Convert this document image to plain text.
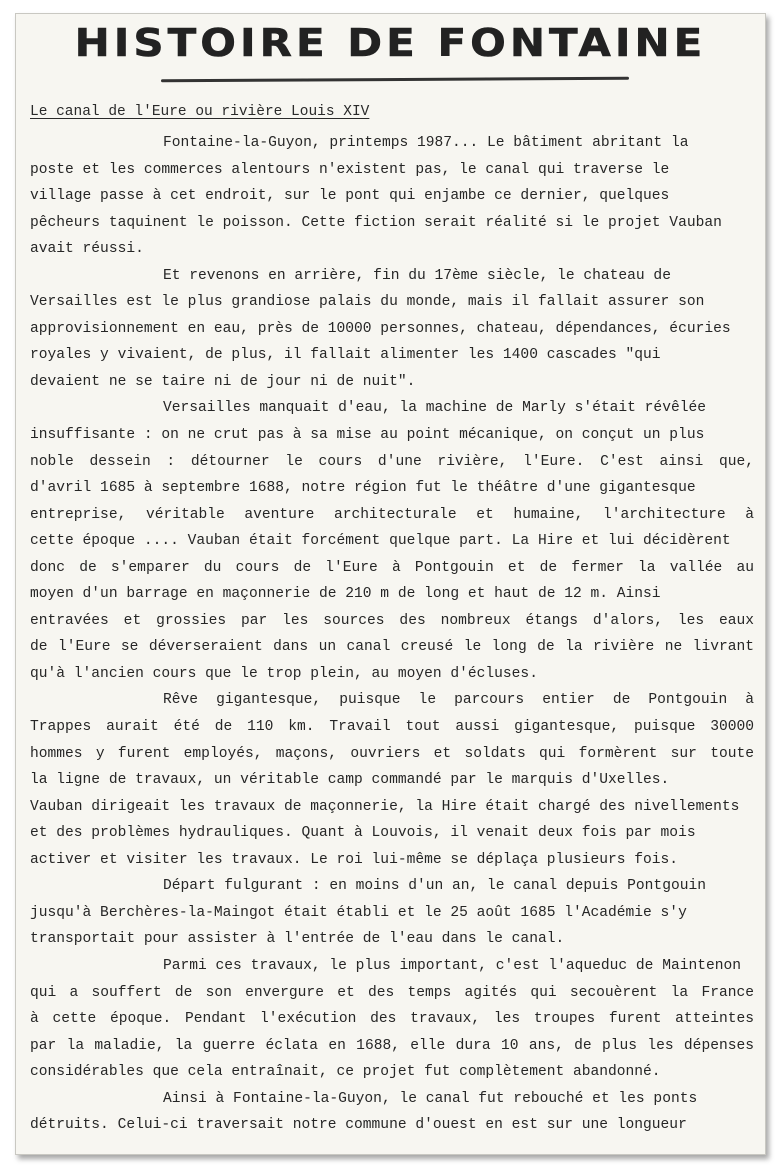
HISTOIRE DE FONTAINE
Le canal de l'Eure ou rivière Louis XIV
Fontaine-la-Guyon, printemps 1987... Le bâtiment abritant la
poste et les commerces alentours n'existent pas, le canal qui traverse le
village passe à cet endroit, sur le pont qui enjambe ce dernier, quelques
pêcheurs taquinent le poisson. Cette fiction serait réalité si le projet Vauban
avait réussi.
Et revenons en arrière, fin du 17ème siècle, le chateau de
Versailles est le plus grandiose palais du monde, mais il fallait assurer son
approvisionnement en eau, près de 10000 personnes, chateau, dépendances, écuries
royales y vivaient, de plus, il fallait alimenter les 1400 cascades "qui
devaient ne se taire ni de jour ni de nuit".
Versailles manquait d'eau, la machine de Marly s'était révêlée
insuffisante : on ne crut pas à sa mise au point mécanique, on conçut un plus
noble dessein : détourner le cours d'une rivière, l'Eure. C'est ainsi que,
d'avril 1685 à septembre 1688, notre région fut le théâtre d'une gigantesque
entreprise, véritable aventure architecturale et humaine, l'architecture à
cette époque .... Vauban était forcément quelque part. La Hire et lui décidèrent
donc de s'emparer du cours de l'Eure à Pontgouin et de fermer la vallée au
moyen d'un barrage en maçonnerie de 210 m de long et haut de 12 m. Ainsi
entravées et grossies par les sources des nombreux étangs d'alors, les eaux
de l'Eure se déverseraient dans un canal creusé le long de la rivière ne livrant
qu'à l'ancien cours que le trop plein, au moyen d'écluses.
Rêve gigantesque, puisque le parcours entier de Pontgouin à
Trappes aurait été de 110 km. Travail tout aussi gigantesque, puisque 30000
hommes y furent employés, maçons, ouvriers et soldats qui formèrent sur toute
la ligne de travaux, un véritable camp commandé par le marquis d'Uxelles.
Vauban dirigeait les travaux de maçonnerie, la Hire était chargé des nivellements
et des problèmes hydrauliques. Quant à Louvois, il venait deux fois par mois
activer et visiter les travaux. Le roi lui-même se déplaça plusieurs fois.
Départ fulgurant : en moins d'un an, le canal depuis Pontgouin
jusqu'à Berchères-la-Maingot était établi et le 25 août 1685 l'Académie s'y
transportait pour assister à l'entrée de l'eau dans le canal.
Parmi ces travaux, le plus important, c'est l'aqueduc de Maintenon
qui a souffert de son envergure et des temps agités qui secouèrent la France
à cette époque. Pendant l'exécution des travaux, les troupes furent atteintes
par la maladie, la guerre éclata en 1688, elle dura 10 ans, de plus les dépenses
considérables que cela entraînait, ce projet fut complètement abandonné.
Ainsi à Fontaine-la-Guyon, le canal fut rebouché et les ponts
détruits. Celui-ci traversait notre commune d'ouest en est sur une longueur
